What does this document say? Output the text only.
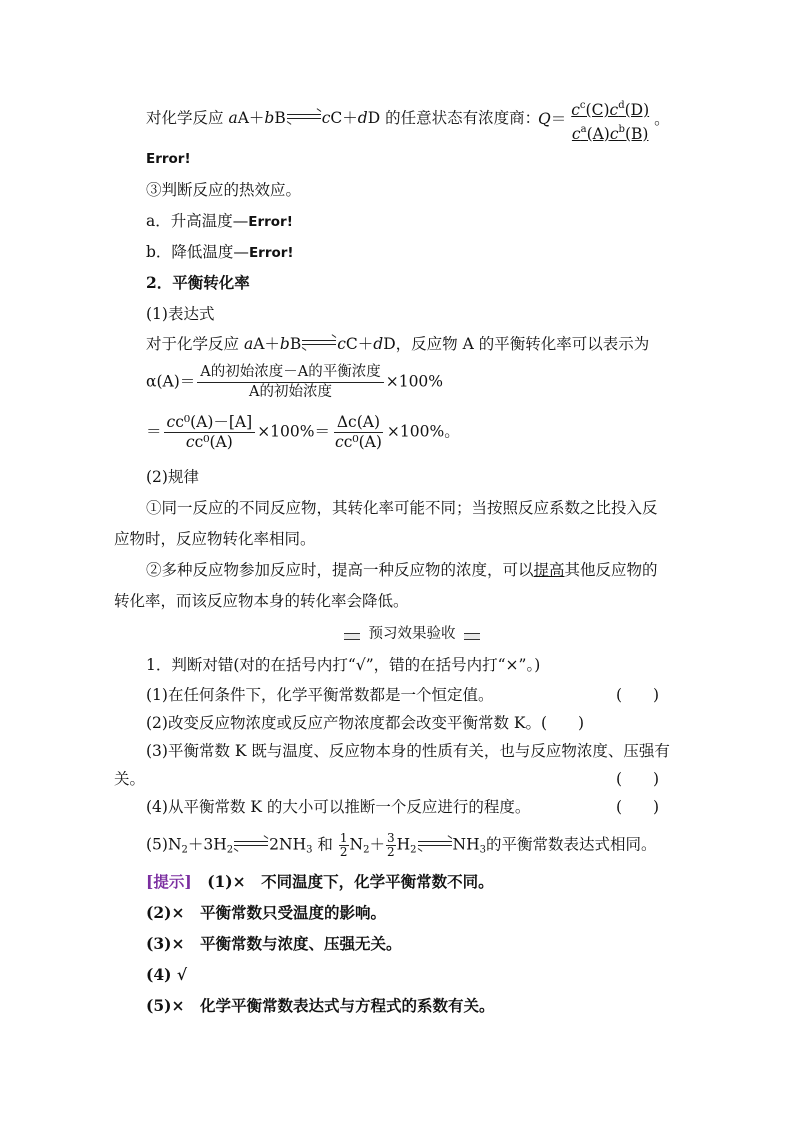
对化学反应 aA＋bB cC＋dD 的任意状态有浓度商：
$Q= \frac{c^c(C)c^d(D)}{c^a(A)c^b(B)}$ 。
Error!
③判断反应的热效应。
a．升高温度—Error!
b．降低温度—Error!
2．平衡转化率
(1)表达式
对于化学反应 aA＋bB cC＋dD，反应物 A 的平衡转化率可以表示为
$\alpha(A)= \frac{\text{A的初始浓度－A的平衡浓度}}{\text{A的初始浓度}} \times 100\%$
＝ $\frac{\text{cc⁰(A)－[A]}}{\text{cc⁰(A)}} \times 100\%= \frac{\Delta c(A)}{\text{cc⁰(A)}} \times 100\%$。
(2)规律
①同一反应的不同反应物，其转化率可能不同；当按照反应系数之比投入反
应物时，反应物转化率相同。
②多种反应物参加反应时，提高一种反应物的浓度，可以提高其他反应物的
转化率，而该反应物本身的转化率会降低。
预习效果验收
1．判断对错(对的在括号内打“√”，错的在括号内打“×”。)
(1)在任何条件下，化学平衡常数都是一个恒定值。	(　　)
(2)改变反应物浓度或反应产物浓度都会改变平衡常数 K。(　　)
(3)平衡常数 K 既与温度、反应物本身的性质有关，也与反应物浓度、压强有
关。	(　　)
(4)从平衡常数 K 的大小可以推断一个反应进行的程度。	(　　)
$(5)N_2+3H_2$ $2NH_3$ 和 $\frac{1}{2} N_2+ \frac{3}{2} H_2$ $NH_3$的平衡常数表达式相同。
[提示]　 (1)×　不同温度下，化学平衡常数不同。
(2)×　平衡常数只受温度的影响。
(3)×　平衡常数与浓度、压强无关。
(4) √
(5)×　化学平衡常数表达式与方程式的系数有关。
